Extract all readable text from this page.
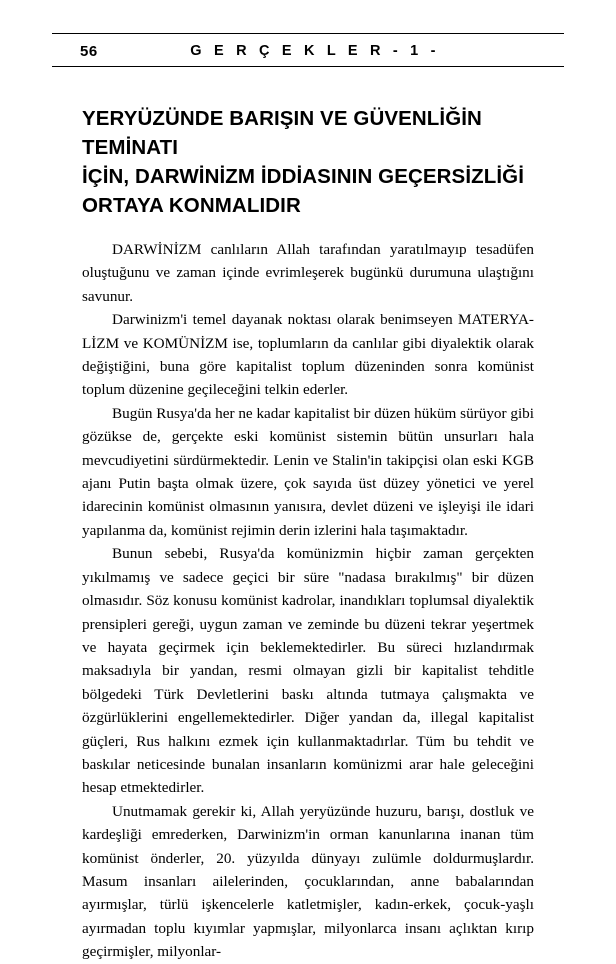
56	G E R Ç E K L E R - 1 -
YERYÜZÜNDE BARIŞIN VE GÜVENLİĞİN TEMİNATI
İÇİN, DARWİNİZM İDDİASININ GEÇERSİZLİĞİ
ORTAYA KONMALIDIR

DARWİNİZM canlıların Allah tarafından yaratılmayıp tesadüfen oluştuğunu ve zaman içinde evrimleşerek bugünkü durumuna ulaştığını savunur.

Darwinizm'i temel dayanak noktası olarak benimseyen MATERYA-LİZM ve KOMÜNİZM ise, toplumların da canlılar gibi diyalektik olarak değiştiğini, buna göre kapitalist toplum düzeninden sonra komünist toplum düzenine geçileceğini telkin ederler.

Bugün Rusya'da her ne kadar kapitalist bir düzen hüküm sürüyor gibi gözükse de, gerçekte eski komünist sistemin bütün unsurları hala mevcudiyetini sürdürmektedir. Lenin ve Stalin'in takipçisi olan eski KGB ajanı Putin başta olmak üzere, çok sayıda üst düzey yönetici ve yerel idarecinin komünist olmasının yanısıra, devlet düzeni ve işleyişi ile idari yapılanma da, komünist rejimin derin izlerini hala taşımaktadır.

Bunun sebebi, Rusya'da komünizmin hiçbir zaman gerçekten yıkılmamış ve sadece geçici bir süre "nadasa bırakılmış" bir düzen olmasıdır. Söz konusu komünist kadrolar, inandıkları toplumsal diyalektik prensipleri gereği, uygun zaman ve zeminde bu düzeni tekrar yeşertmek ve hayata geçirmek için beklemektedirler. Bu süreci hızlandırmak maksadıyla bir yandan, resmi olmayan gizli bir kapitalist tehditle bölgedeki Türk Devletlerini baskı altında tutmaya çalışmakta ve özgürlüklerini engellemektedirler. Diğer yandan da, illegal kapitalist güçleri, Rus halkını ezmek için kullanmaktadırlar. Tüm bu tehdit ve baskılar neticesinde bunalan insanların komünizmi arar hale geleceğini hesap etmektedirler.

Unutmamak gerekir ki, Allah yeryüzünde huzuru, barışı, dostluk ve kardeşliği emrederken, Darwinizm'in orman kanunlarına inanan tüm komünist önderler, 20. yüzyılda dünyayı zulümle doldurmuşlardır. Masum insanları ailelerinden, çocuklarından, anne babalarından ayırmışlar, türlü işkencelerle katletmişler, kadın-erkek, çocuk-yaşlı ayırmadan toplu kıyımlar yapmışlar, milyonlarca insanı açlıktan kırıp geçirmişler, milyonlar-
